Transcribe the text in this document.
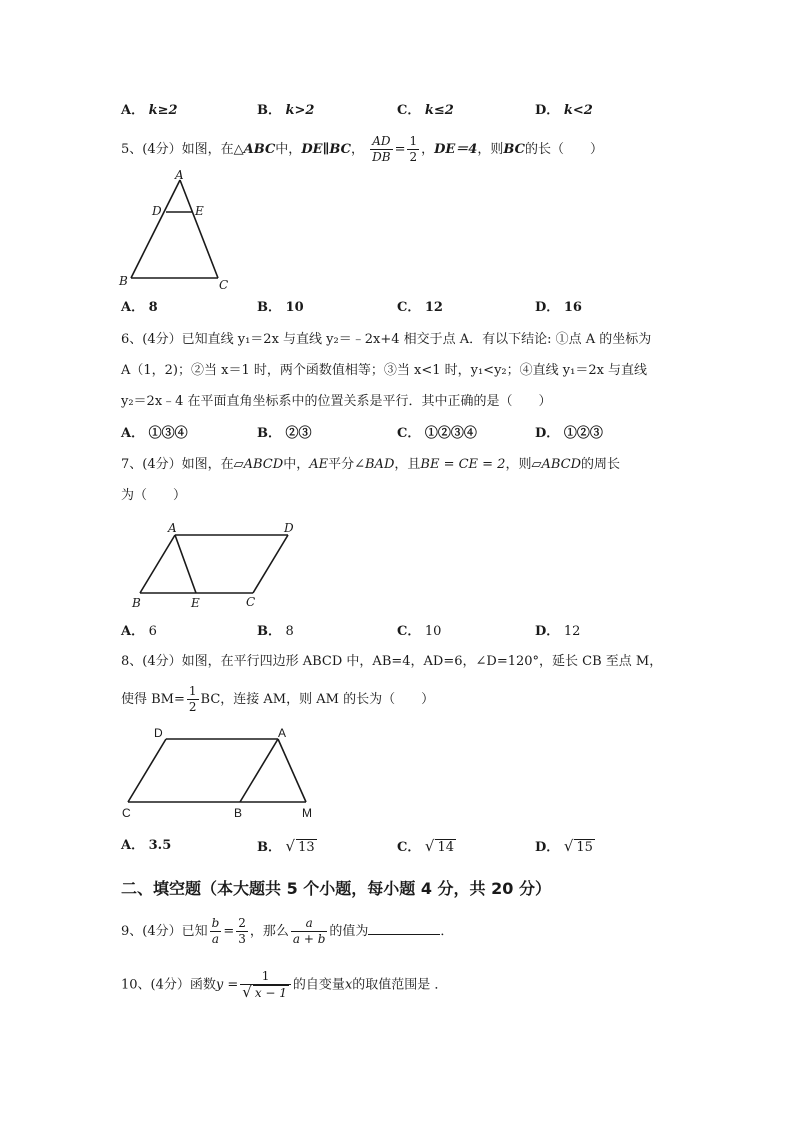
A． k≥2	B． k>2	C． k≤2	D． k<2
5、(4分）如图，在△ABC中，DE∥BC， $\frac{AD}{DB} = \frac{1}{2}$ ，DE＝4，则BC的长（　　）
A
D	E
B	C
A． 8	B． 10	C． 12	D． 16
6、(4分）已知直线 y₁＝2x 与直线 y₂＝﹣2x+4 相交于点 A．有以下结论: ①点 A 的坐标为
A（1，2)；②当 x＝1 时，两个函数值相等；③当 x<1 时，y₁<y₂；④直线 y₁＝2x 与直线
y₂＝2x﹣4 在平面直角坐标系中的位置关系是平行．其中正确的是（　　）
A． ①③④	B． ②③	C． ①②③④	D． ①②③
7、(4分）如图，在▱ABCD中，AE平分∠BAD，且BE = CE = 2，则▱ABCD的周长
为（　　）
A	D
B	E	C
A． 6	B． 8	C． 10	D． 12
8、(4分）如图，在平行四边形 ABCD 中，AB=4，AD=6，∠D=120°，延长 CB 至点 M，
使得 $BM= \frac{1}{2}$ BC，连接 AM，则 AM 的长为（　　）
D	A
C	B	M
A． 3.5	B． √ 13	C． √ 14	D． √ 15
二、填空题（本大题共 5 个小题，每小题 4 分，共 20 分）
9、(4分）已知 $\frac{b}{a} = \frac{2}{3}$ ，那么 $\frac{a}{a + b}$ 的值为	．
10、(4分）函数$y = \frac{1}{√ x - 1}$ 的自变量x的取值范围是 ．
